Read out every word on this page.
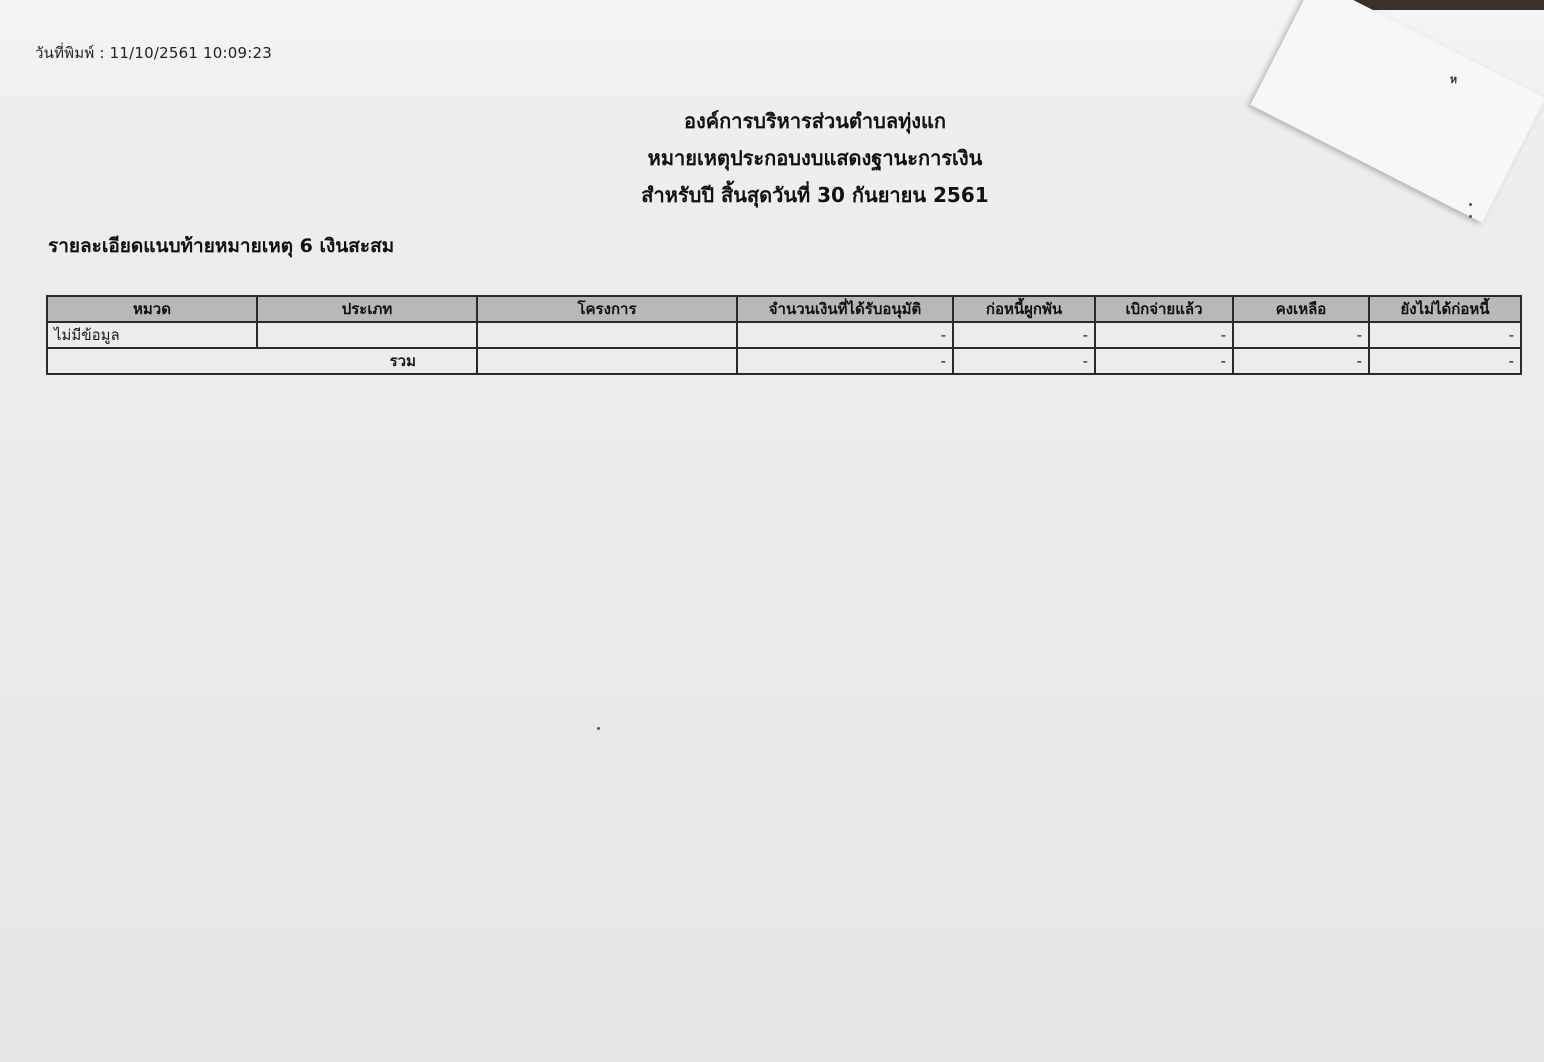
ห
วันที่พิมพ์ : 11/10/2561 10:09:23
องค์การบริหารส่วนตำบลทุ่งแก
หมายเหตุประกอบงบแสดงฐานะการเงิน
สำหรับปี สิ้นสุดวันที่ 30 กันยายน 2561
รายละเอียดแนบท้ายหมายเหตุ 6 เงินสะสม
หมวด	ประเภท	โครงการ	จำนวนเงินที่ได้รับอนุมัติ	ก่อหนี้ผูกพัน	เบิกจ่ายแล้ว	คงเหลือ	ยังไม่ได้ก่อหนี้
ไม่มีข้อมูล			-	-	-	-	-
รวม			-	-	-	-	-
